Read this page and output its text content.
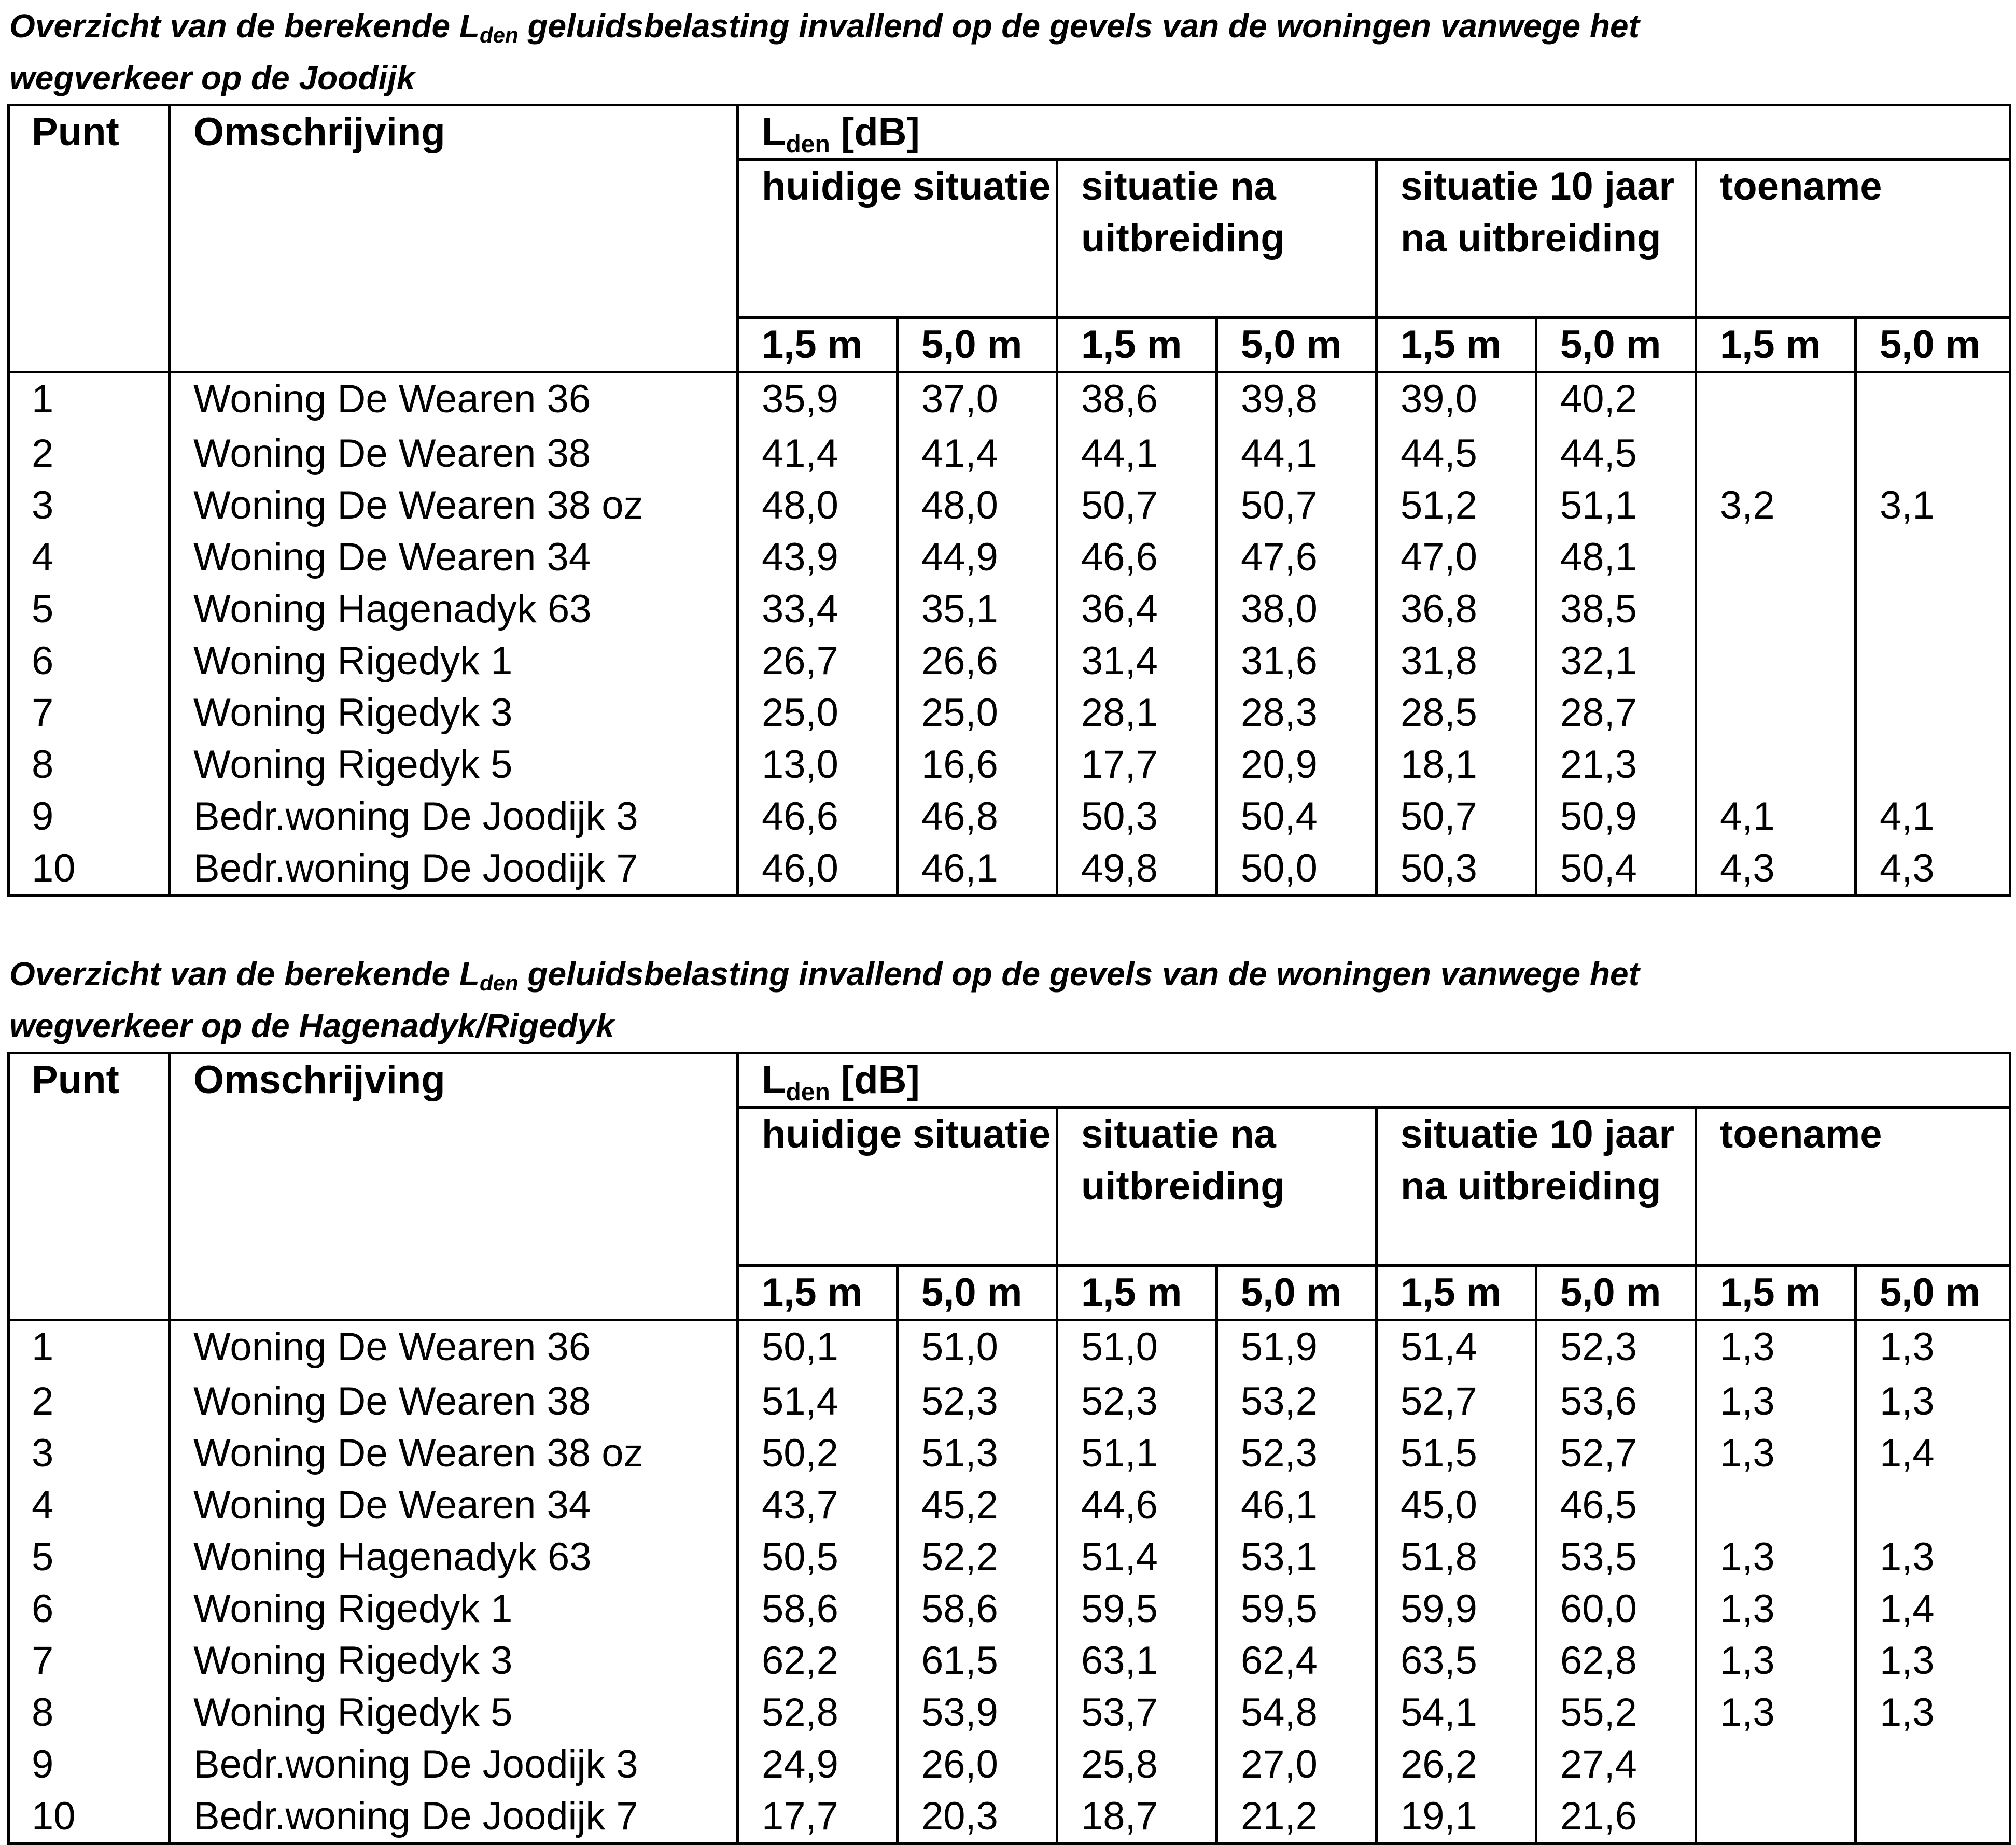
Overzicht van de berekende $L_{den}$ geluidsbelasting invallend op de gevels van de woningen vanwege het
wegverkeer op de Joodijk

Punt	Omschrijving	$L_{den}$ [dB]							
		huidige situatie		situatie na uitbreiding		situatie 10 jaar na uitbreiding		toename	
		1,5 m	5,0 m	1,5 m	5,0 m	1,5 m	5,0 m	1,5 m	5,0 m
1	Woning De Wearen 36	35,9	37,0	38,6	39,8	39,0	40,2		
2	Woning De Wearen 38	41,4	41,4	44,1	44,1	44,5	44,5		
3	Woning De Wearen 38 oz	48,0	48,0	50,7	50,7	51,2	51,1	3,2	3,1
4	Woning De Wearen 34	43,9	44,9	46,6	47,6	47,0	48,1		
5	Woning Hagenadyk 63	33,4	35,1	36,4	38,0	36,8	38,5		
6	Woning Rigedyk 1	26,7	26,6	31,4	31,6	31,8	32,1		
7	Woning Rigedyk 3	25,0	25,0	28,1	28,3	28,5	28,7		
8	Woning Rigedyk 5	13,0	16,6	17,7	20,9	18,1	21,3		
9	Bedr.woning De Joodijk 3	46,6	46,8	50,3	50,4	50,7	50,9	4,1	4,1
10	Bedr.woning De Joodijk 7	46,0	46,1	49,8	50,0	50,3	50,4	4,3	4,3

Overzicht van de berekende $L_{den}$ geluidsbelasting invallend op de gevels van de woningen vanwege het
wegverkeer op de Hagenadyk/Rigedyk

Punt	Omschrijving	$L_{den}$ [dB]							
		huidige situatie		situatie na uitbreiding		situatie 10 jaar na uitbreiding		toename	
		1,5 m	5,0 m	1,5 m	5,0 m	1,5 m	5,0 m	1,5 m	5,0 m
1	Woning De Wearen 36	50,1	51,0	51,0	51,9	51,4	52,3	1,3	1,3
2	Woning De Wearen 38	51,4	52,3	52,3	53,2	52,7	53,6	1,3	1,3
3	Woning De Wearen 38 oz	50,2	51,3	51,1	52,3	51,5	52,7	1,3	1,4
4	Woning De Wearen 34	43,7	45,2	44,6	46,1	45,0	46,5		
5	Woning Hagenadyk 63	50,5	52,2	51,4	53,1	51,8	53,5	1,3	1,3
6	Woning Rigedyk 1	58,6	58,6	59,5	59,5	59,9	60,0	1,3	1,4
7	Woning Rigedyk 3	62,2	61,5	63,1	62,4	63,5	62,8	1,3	1,3
8	Woning Rigedyk 5	52,8	53,9	53,7	54,8	54,1	55,2	1,3	1,3
9	Bedr.woning De Joodijk 3	24,9	26,0	25,8	27,0	26,2	27,4		
10	Bedr.woning De Joodijk 7	17,7	20,3	18,7	21,2	19,1	21,6		
